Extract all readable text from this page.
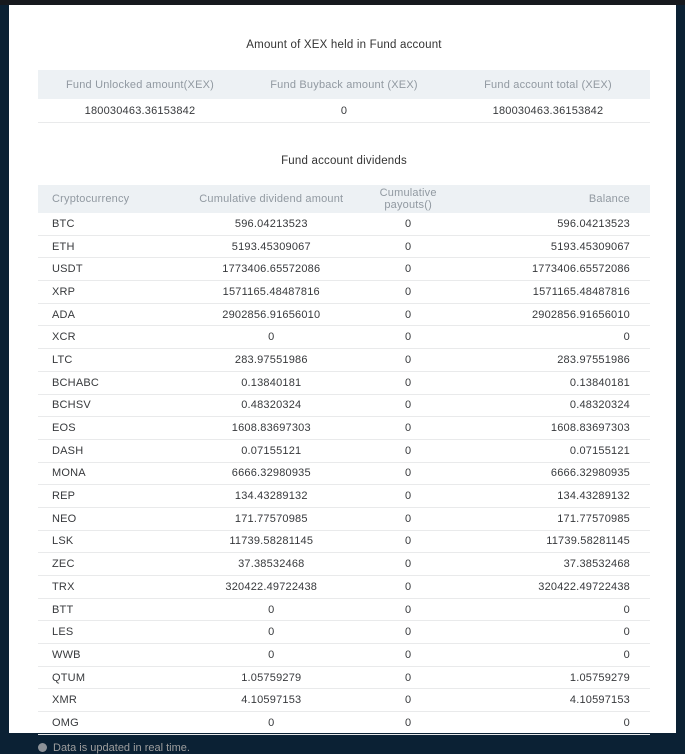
Amount of XEX held in Fund account
Fund Unlocked amount(XEX)	Fund Buyback amount (XEX)	Fund account total (XEX)
180030463.36153842	0	180030463.36153842
Fund account dividends
Cryptocurrency	Cumulative dividend amount	Cumulative payouts()	Balance
BTC	596.04213523	0	596.04213523
ETH	5193.45309067	0	5193.45309067
USDT	1773406.65572086	0	1773406.65572086
XRP	1571165.48487816	0	1571165.48487816
ADA	2902856.91656010	0	2902856.91656010
XCR	0	0	0
LTC	283.97551986	0	283.97551986
BCHABC	0.13840181	0	0.13840181
BCHSV	0.48320324	0	0.48320324
EOS	1608.83697303	0	1608.83697303
DASH	0.07155121	0	0.07155121
MONA	6666.32980935	0	6666.32980935
REP	134.43289132	0	134.43289132
NEO	171.77570985	0	171.77570985
LSK	11739.58281145	0	11739.58281145
ZEC	37.38532468	0	37.38532468
TRX	320422.49722438	0	320422.49722438
BTT	0	0	0
LES	0	0	0
WWB	0	0	0
QTUM	1.05759279	0	1.05759279
XMR	4.10597153	0	4.10597153
OMG	0	0	0
Data is updated in real time.
